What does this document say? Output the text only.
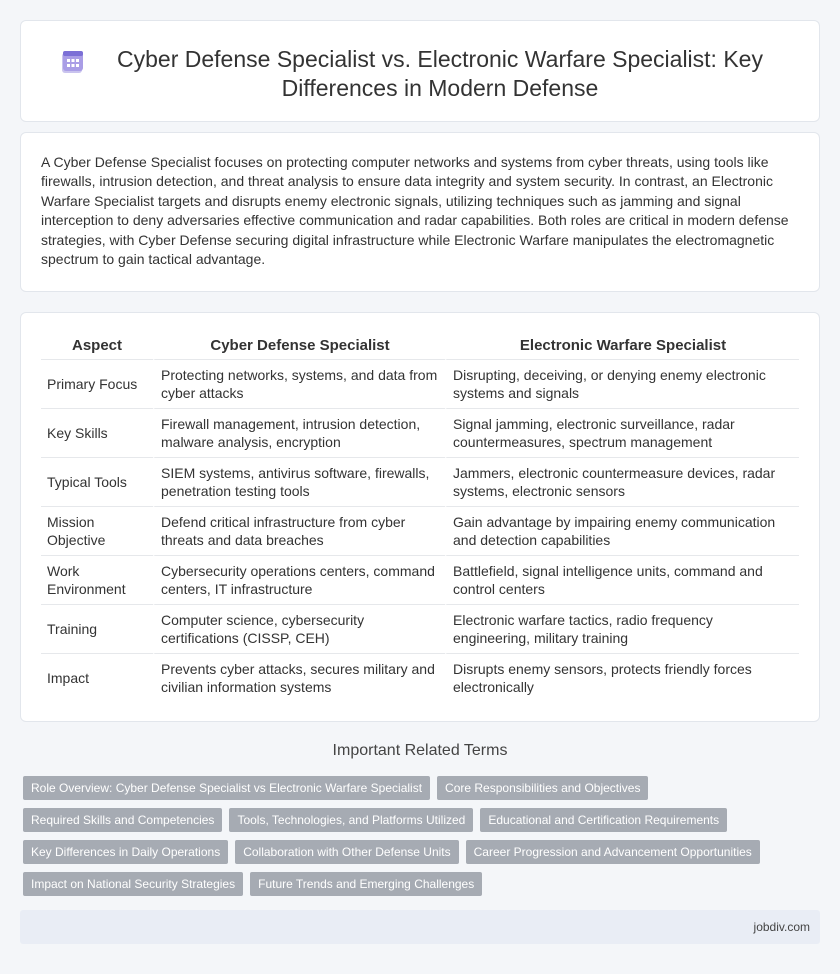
Cyber Defense Specialist vs. Electronic Warfare Specialist: Key Differences in Modern Defense

A Cyber Defense Specialist focuses on protecting computer networks and systems from cyber threats, using tools like firewalls, intrusion detection, and threat analysis to ensure data integrity and system security. In contrast, an Electronic Warfare Specialist targets and disrupts enemy electronic signals, utilizing techniques such as jamming and signal interception to deny adversaries effective communication and radar capabilities. Both roles are critical in modern defense strategies, with Cyber Defense securing digital infrastructure while Electronic Warfare manipulates the electromagnetic spectrum to gain tactical advantage.

Aspect	Cyber Defense Specialist	Electronic Warfare Specialist
Primary Focus	Protecting networks, systems, and data from cyber attacks	Disrupting, deceiving, or denying enemy electronic systems and signals
Key Skills	Firewall management, intrusion detection, malware analysis, encryption	Signal jamming, electronic surveillance, radar countermeasures, spectrum management
Typical Tools	SIEM systems, antivirus software, firewalls, penetration testing tools	Jammers, electronic countermeasure devices, radar systems, electronic sensors
Mission Objective	Defend critical infrastructure from cyber threats and data breaches	Gain advantage by impairing enemy communication and detection capabilities
Work Environment	Cybersecurity operations centers, command centers, IT infrastructure	Battlefield, signal intelligence units, command and control centers
Training	Computer science, cybersecurity certifications (CISSP, CEH)	Electronic warfare tactics, radio frequency engineering, military training
Impact	Prevents cyber attacks, secures military and civilian information systems	Disrupts enemy sensors, protects friendly forces electronically
Important Related Terms
Role Overview: Cyber Defense Specialist vs Electronic Warfare Specialist	Core Responsibilities and Objectives
Required Skills and Competencies	Tools, Technologies, and Platforms Utilized	Educational and Certification Requirements
Key Differences in Daily Operations	Collaboration with Other Defense Units	Career Progression and Advancement Opportunities
Impact on National Security Strategies	Future Trends and Emerging Challenges
jobdiv.com
